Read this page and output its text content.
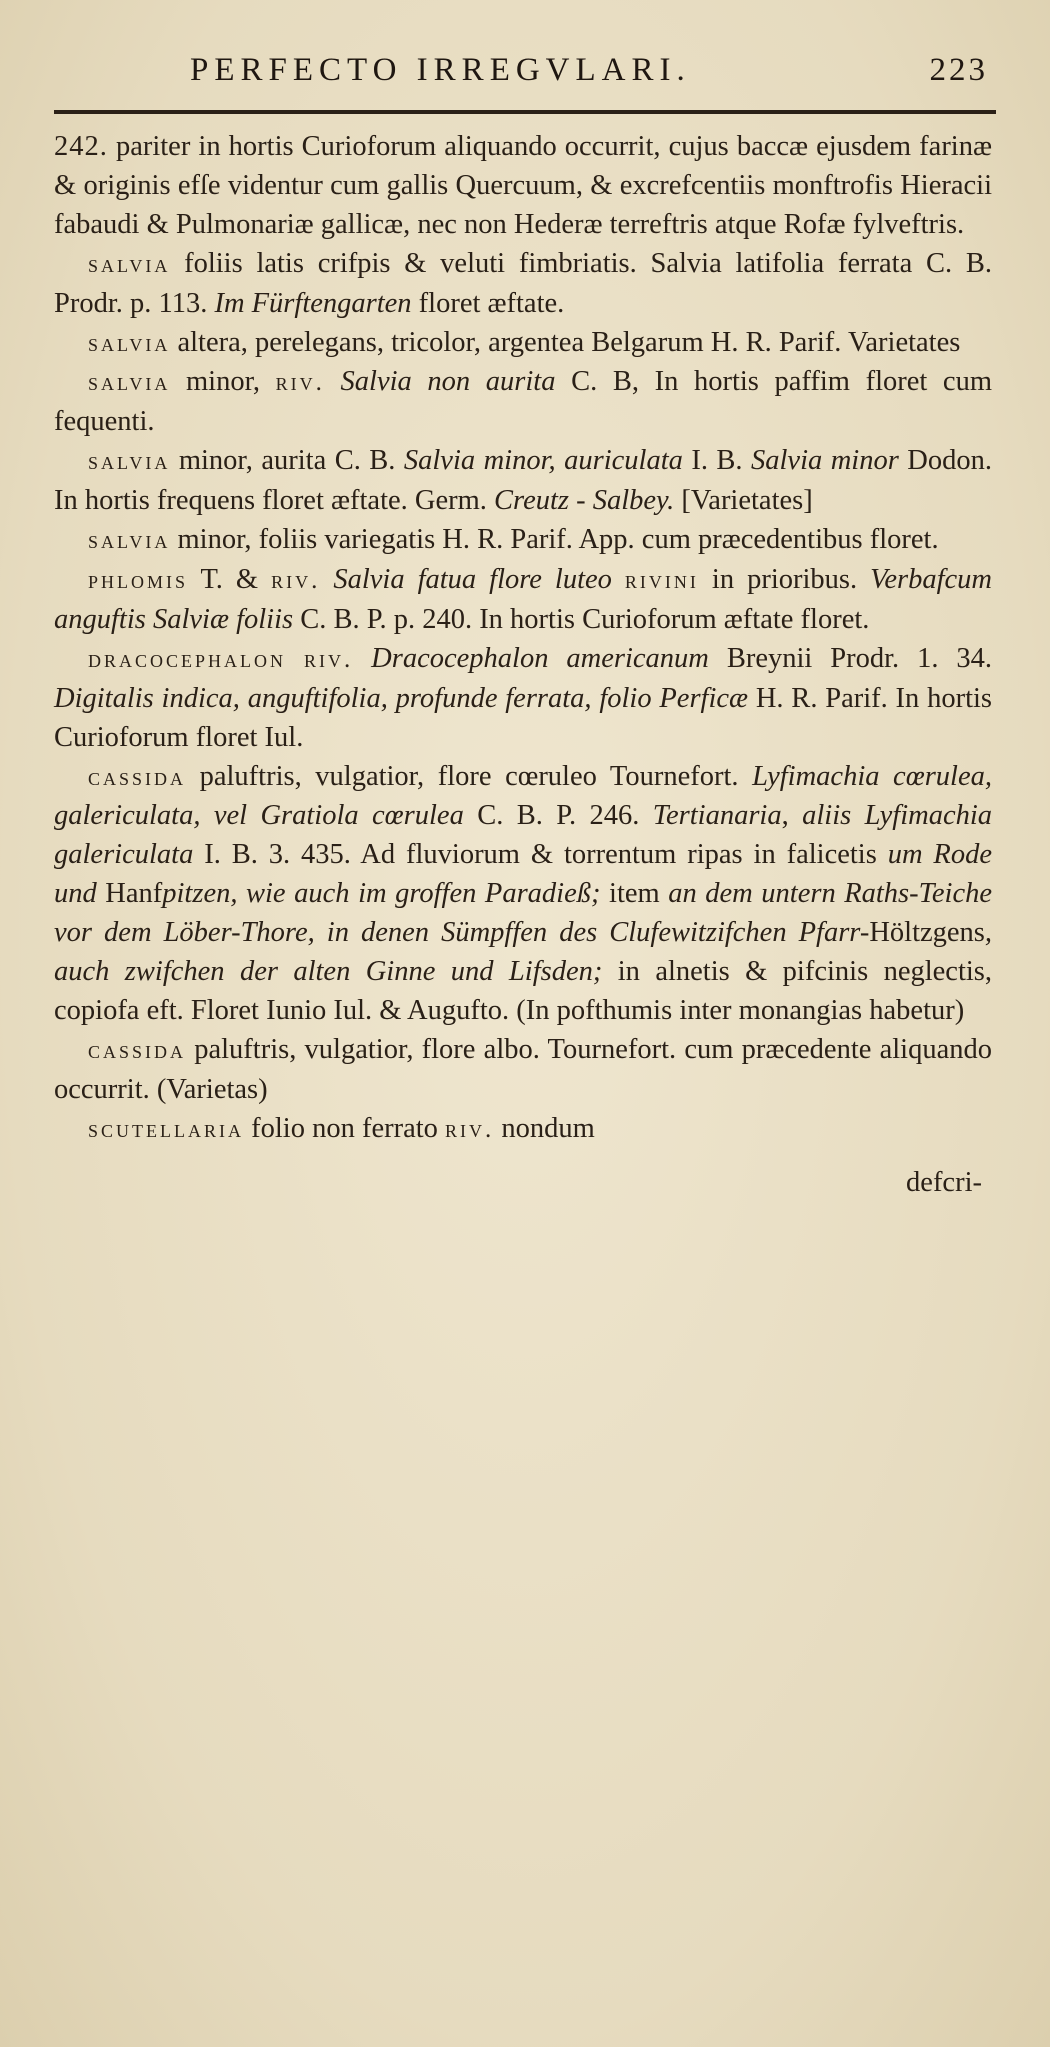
PERFECTO IRREGVLARI.	223

242. pariter in hortis Curioforum aliquando occurrit, cujus baccæ ejusdem farinæ & originis efſe videntur cum gallis Quercuum, & excrefcentiis monftrofis Hieracii fabaudi & Pulmonariæ gallicæ, nec non Hederæ terreftris atque Rofæ fylveftris.

salvia foliis latis crifpis & veluti fimbriatis. Salvia latifolia ferrata C. B. Prodr. p. 113. Im Fürftengarten floret æftate.

salvia altera, perelegans, tricolor, argentea Belgarum H. R. Parif. Varietates

salvia minor, riv. Salvia non aurita C. B, In hortis paffim floret cum fequenti.

salvia minor, aurita C. B. Salvia minor, auriculata I. B. Salvia minor Dodon. In hortis frequens floret æftate. Germ. Creutz - Salbey. [Varietates]

salvia minor, foliis variegatis H. R. Parif. App. cum præcedentibus floret.

phlomis T. & riv. Salvia fatua flore luteo rivini in prioribus. Verbafcum anguftis Salviæ foliis C. B. P. p. 240. In hortis Curioforum æftate floret.

dracocephalon riv. Dracocephalon americanum Breynii Prodr. 1. 34. Digitalis indica, anguftifolia, profunde ferrata, folio Perficæ H. R. Parif. In hortis Curioforum floret Iul.

cassida paluftris, vulgatior, flore cœruleo Tournefort. Lyfimachia cœrulea, galericulata, vel Gratiola cœrulea C. B. P. 246. Tertianaria, aliis Lyfimachia galericulata I. B. 3. 435. Ad fluviorum & torrentum ripas in falicetis um Rode und Hanfpitzen, wie auch im groffen Paradieß; item an dem untern Raths-Teiche vor dem Löber-Thore, in denen Sümpffen des Clufewitzifchen Pfarr-Höltzgens, auch zwifchen der alten Ginne und Lifsden; in alnetis & pifcinis neglectis, copiofa eft. Floret Iunio Iul. & Augufto. (In pofthumis inter monangias habetur)

cassida paluftris, vulgatior, flore albo. Tournefort. cum præcedente aliquando occurrit. (Varietas)

scutellaria folio non ferrato riv. nondum

defcri-
